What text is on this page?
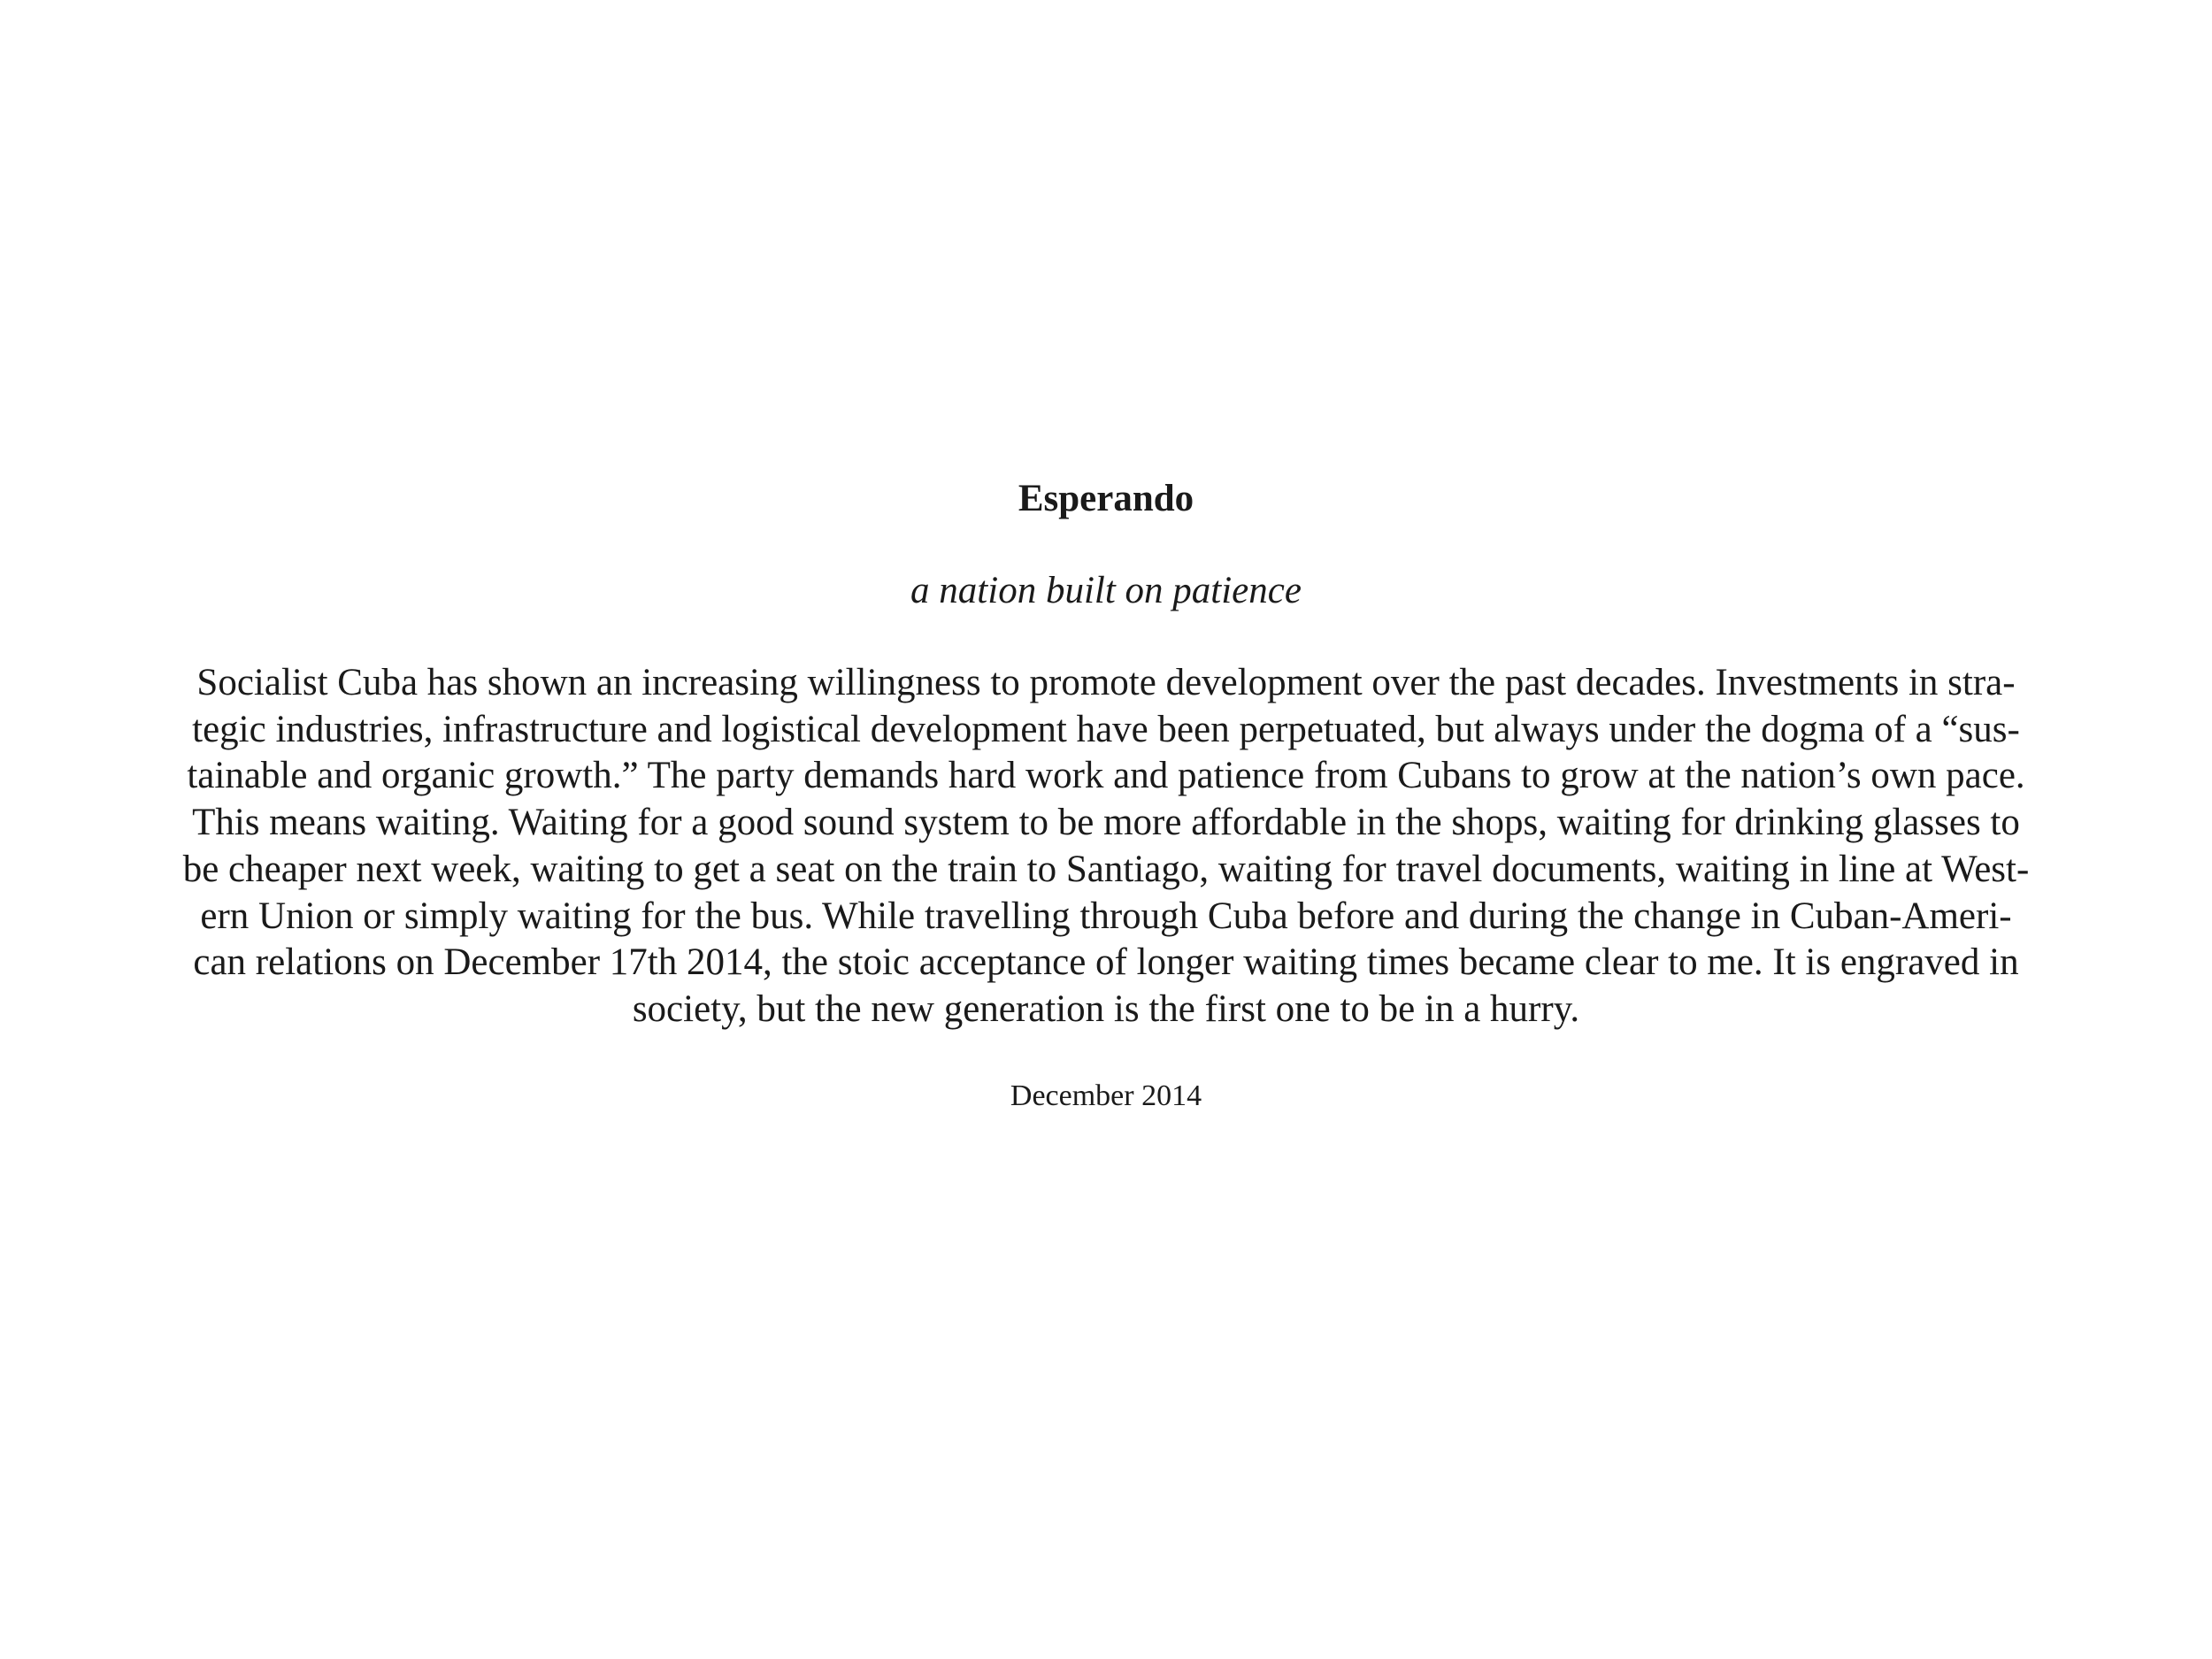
Esperando
a nation built on patience
Socialist Cuba has shown an increasing willingness to promote development over the past decades. Investments in stra-
tegic industries, infrastructure and logistical development have been perpetuated, but always under the dogma of a “sus-
tainable and organic growth.” The party demands hard work and patience from Cubans to grow at the nation’s own pace.
This means waiting. Waiting for a good sound system to be more affordable in the shops, waiting for drinking glasses to
be cheaper next week, waiting to get a seat on the train to Santiago, waiting for travel documents, waiting in line at West-
ern Union or simply waiting for the bus. While travelling through Cuba before and during the change in Cuban-Ameri-
can relations on December 17th 2014, the stoic acceptance of longer waiting times became clear to me. It is engraved in
society, but the new generation is the first one to be in a hurry.
December 2014
